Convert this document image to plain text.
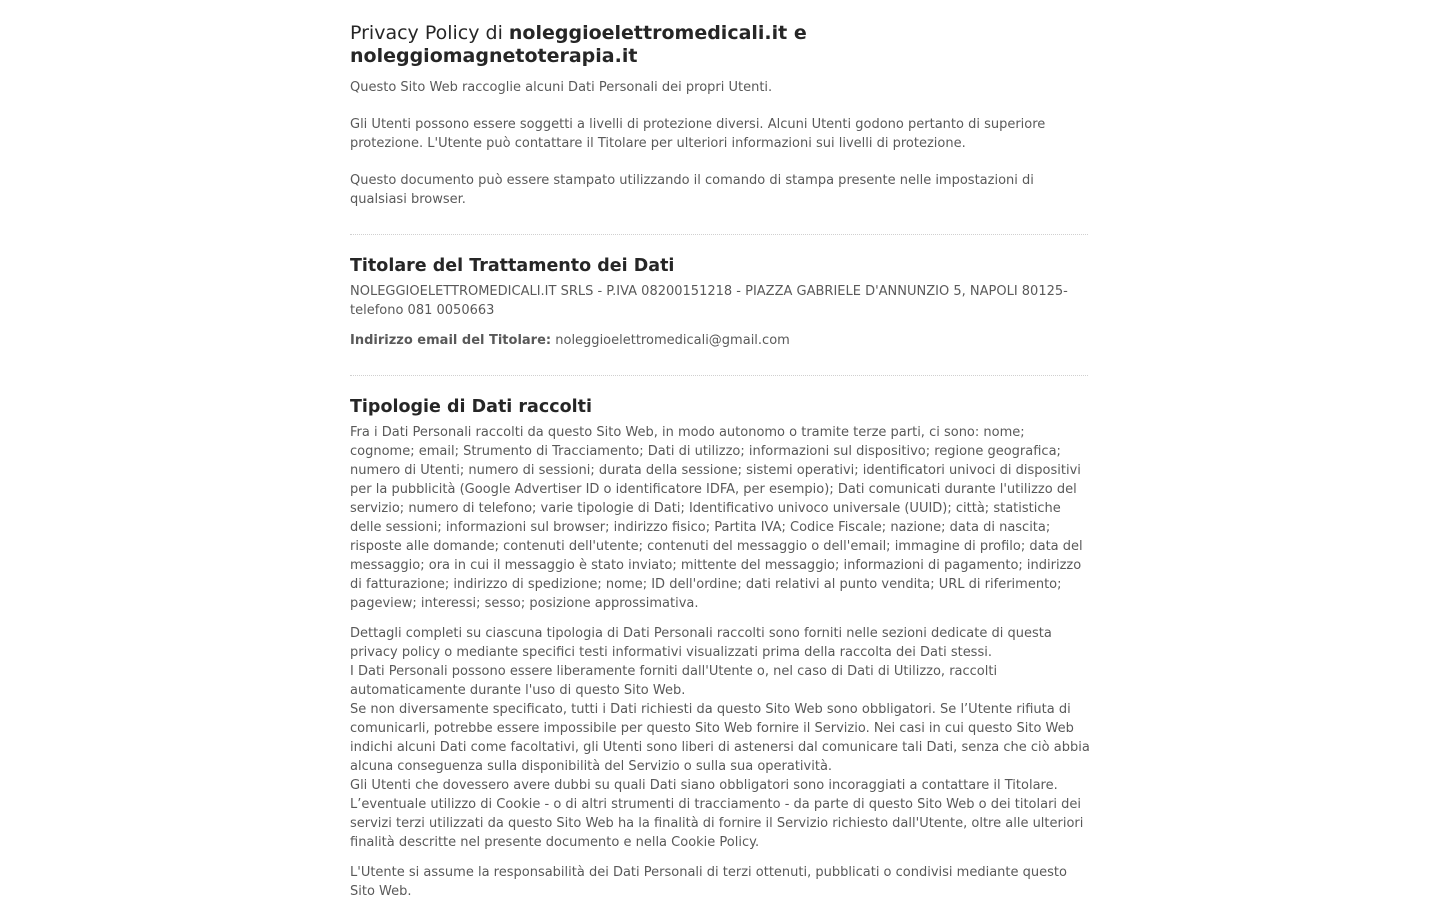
Privacy Policy di noleggioelettromedicali.it e noleggiomagnetoterapia.it

Questo Sito Web raccoglie alcuni Dati Personali dei propri Utenti.

Gli Utenti possono essere soggetti a livelli di protezione diversi. Alcuni Utenti godono pertanto di superiore protezione. L'Utente può contattare il Titolare per ulteriori informazioni sui livelli di protezione.

Questo documento può essere stampato utilizzando il comando di stampa presente nelle impostazioni di qualsiasi browser.

Titolare del Trattamento dei Dati

NOLEGGIOELETTROMEDICALI.IT SRLS - P.IVA 08200151218 - PIAZZA GABRIELE D'ANNUNZIO 5, NAPOLI 80125- telefono 081 0050663

Indirizzo email del Titolare: noleggioelettromedicali@gmail.com

Tipologie di Dati raccolti

Fra i Dati Personali raccolti da questo Sito Web, in modo autonomo o tramite terze parti, ci sono: nome; cognome; email; Strumento di Tracciamento; Dati di utilizzo; informazioni sul dispositivo; regione geografica; numero di Utenti; numero di sessioni; durata della sessione; sistemi operativi; identificatori univoci di dispositivi per la pubblicità (Google Advertiser ID o identificatore IDFA, per esempio); Dati comunicati durante l'utilizzo del servizio; numero di telefono; varie tipologie di Dati; Identificativo univoco universale (UUID); città; statistiche delle sessioni; informazioni sul browser; indirizzo fisico; Partita IVA; Codice Fiscale; nazione; data di nascita; risposte alle domande; contenuti dell'utente; contenuti del messaggio o dell'email; immagine di profilo; data del messaggio; ora in cui il messaggio è stato inviato; mittente del messaggio; informazioni di pagamento; indirizzo di fatturazione; indirizzo di spedizione; nome; ID dell'ordine; dati relativi al punto vendita; URL di riferimento; pageview; interessi; sesso; posizione approssimativa.

Dettagli completi su ciascuna tipologia di Dati Personali raccolti sono forniti nelle sezioni dedicate di questa privacy policy o mediante specifici testi informativi visualizzati prima della raccolta dei Dati stessi.

I Dati Personali possono essere liberamente forniti dall'Utente o, nel caso di Dati di Utilizzo, raccolti automaticamente durante l'uso di questo Sito Web.

Se non diversamente specificato, tutti i Dati richiesti da questo Sito Web sono obbligatori. Se l’Utente rifiuta di comunicarli, potrebbe essere impossibile per questo Sito Web fornire il Servizio. Nei casi in cui questo Sito Web indichi alcuni Dati come facoltativi, gli Utenti sono liberi di astenersi dal comunicare tali Dati, senza che ciò abbia alcuna conseguenza sulla disponibilità del Servizio o sulla sua operatività.

Gli Utenti che dovessero avere dubbi su quali Dati siano obbligatori sono incoraggiati a contattare il Titolare.

L’eventuale utilizzo di Cookie - o di altri strumenti di tracciamento - da parte di questo Sito Web o dei titolari dei servizi terzi utilizzati da questo Sito Web ha la finalità di fornire il Servizio richiesto dall'Utente, oltre alle ulteriori finalità descritte nel presente documento e nella Cookie Policy.

L'Utente si assume la responsabilità dei Dati Personali di terzi ottenuti, pubblicati o condivisi mediante questo Sito Web.
